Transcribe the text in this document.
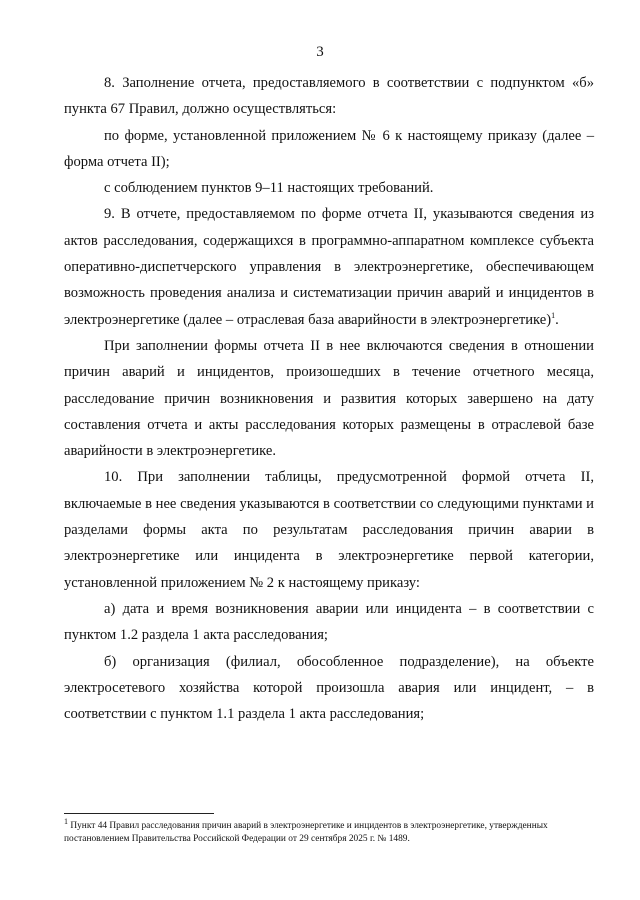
3

8. Заполнение отчета, предоставляемого в соответствии с подпунктом «б» пункта 67 Правил, должно осуществляться:

по форме, установленной приложением № 6 к настоящему приказу (далее – форма отчета II);

с соблюдением пунктов 9–11 настоящих требований.

9. В отчете, предоставляемом по форме отчета II, указываются сведения из актов расследования, содержащихся в программно-аппаратном комплексе субъекта оперативно-диспетчерского управления в электроэнергетике, обеспечивающем возможность проведения анализа и систематизации причин аварий и инцидентов в электроэнергетике (далее – отраслевая база аварийности в электроэнергетике)$^1$.

При заполнении формы отчета II в нее включаются сведения в отношении причин аварий и инцидентов, произошедших в течение отчетного месяца, расследование причин возникновения и развития которых завершено на дату составления отчета и акты расследования которых размещены в отраслевой базе аварийности в электроэнергетике.

10. При заполнении таблицы, предусмотренной формой отчета II, включаемые в нее сведения указываются в соответствии со следующими пунктами и разделами формы акта по результатам расследования причин аварии в электроэнергетике или инцидента в электроэнергетике первой категории, установленной приложением № 2 к настоящему приказу:

а) дата и время возникновения аварии или инцидента – в соответствии с пунктом 1.2 раздела 1 акта расследования;

б) организация (филиал, обособленное подразделение), на объекте электросетевого хозяйства которой произошла авария или инцидент, – в соответствии с пунктом 1.1 раздела 1 акта расследования;

$^1$ Пункт 44 Правил расследования причин аварий в электроэнергетике и инцидентов в электроэнергетике, утвержденных постановлением Правительства Российской Федерации от 29 сентября 2025 г. № 1489.
